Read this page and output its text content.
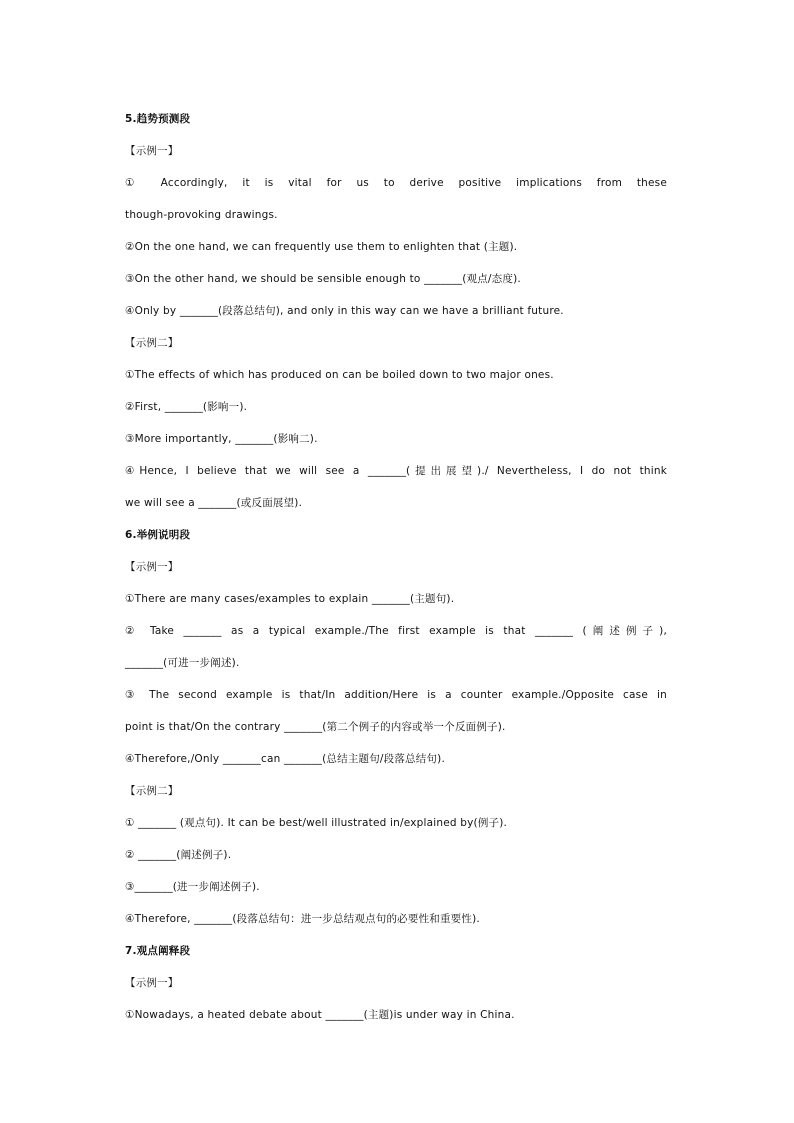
5.趋势预测段
【示例一】
① Accordingly, it is vital for us to derive positive implications from these
though-provoking drawings.
②On the one hand, we can frequently use them to enlighten that (主题).
③On the other hand, we should be sensible enough to _______(观点/态度).
④Only by _______(段落总结句), and only in this way can we have a brilliant future.
【示例二】
①The effects of which has produced on can be boiled down to two major ones.
②First, _______(影响一).
③More importantly, _______(影响二).
④Hence, I believe that we will see a _______(提出展望)./ Nevertheless, I do not think
we will see a _______(或反面展望).
6.举例说明段
【示例一】
①There are many cases/examples to explain _______(主题句).
② Take _______ as a typical example./The first example is that _______ (阐述例子),
_______(可进一步阐述).
③ The second example is that/In addition/Here is a counter example./Opposite case in
point is that/On the contrary _______(第二个例子的内容或举一个反面例子).
④Therefore,/Only _______can _______(总结主题句/段落总结句).
【示例二】
① _______ (观点句). It can be best/well illustrated in/explained by(例子).
② _______(阐述例子).
③_______(进一步阐述例子).
④Therefore, _______(段落总结句：进一步总结观点句的必要性和重要性).
7.观点阐释段
【示例一】
①Nowadays, a heated debate about _______(主题)is under way in China.
